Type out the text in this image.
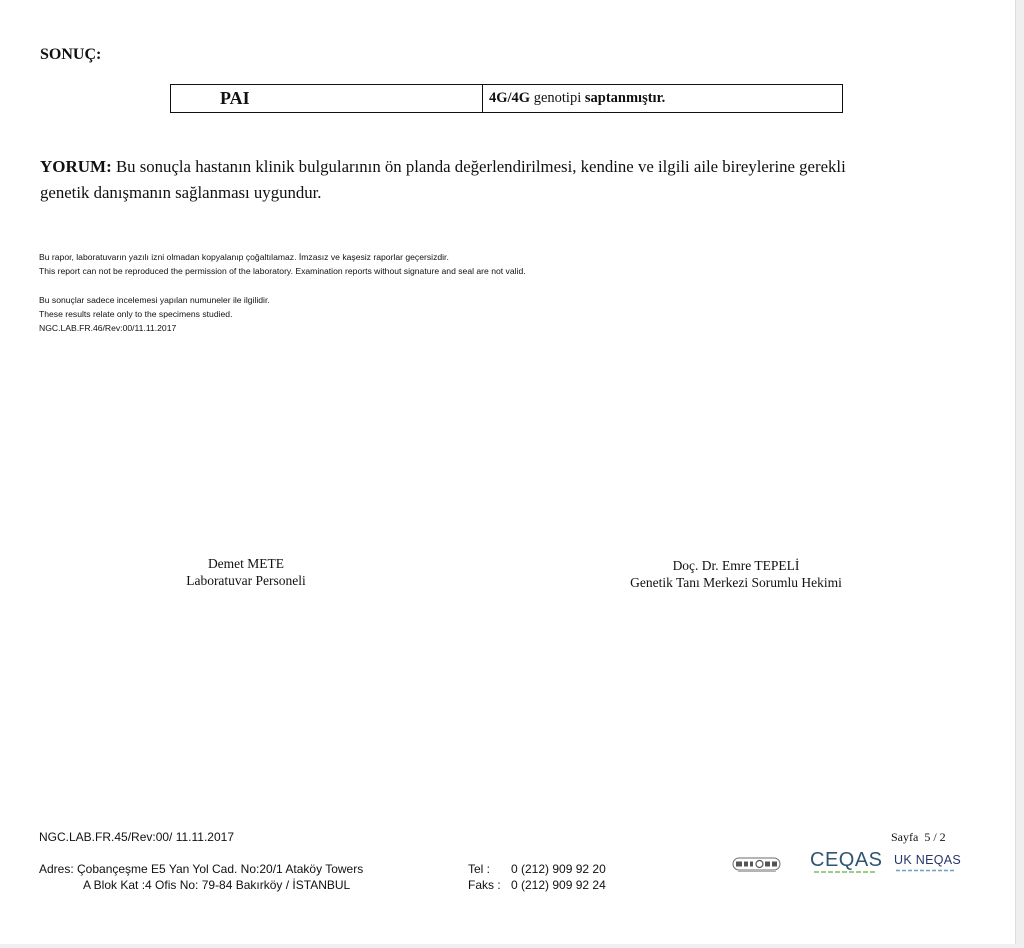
SONUÇ:
PAI	4G/4G genotipi saptanmıştır.
YORUM: Bu sonuçla hastanın klinik bulgularının ön planda değerlendirilmesi, kendine ve ilgili aile bireylerine gerekli
genetik danışmanın sağlanması uygundur.
Bu rapor, laboratuvarın yazılı izni olmadan kopyalanıp çoğaltılamaz. İmzasız ve kaşesiz raporlar geçersizdir.
This report can not be reproduced the permission of the laboratory. Examination reports without signature and seal are not valid.
Bu sonuçlar sadece incelemesi yapılan numuneler ile ilgilidir.
These results relate only to the specimens studied.
NGC.LAB.FR.46/Rev:00/11.11.2017
Demet METE
Laboratuvar Personeli
Doç. Dr. Emre TEPELİ
Genetik Tanı Merkezi Sorumlu Hekimi
NGC.LAB.FR.45/Rev:00/ 11.11.2017	Sayfa  5 / 2
Adres: Çobançeşme E5 Yan Yol Cad. No:20/1 Ataköy Towers
A Blok Kat :4 Ofis No: 79-84 Bakırköy / İSTANBUL
Tel : 0 (212) 909 92 20
Faks : 0 (212) 909 92 24
CEQAS UK NEQAS
